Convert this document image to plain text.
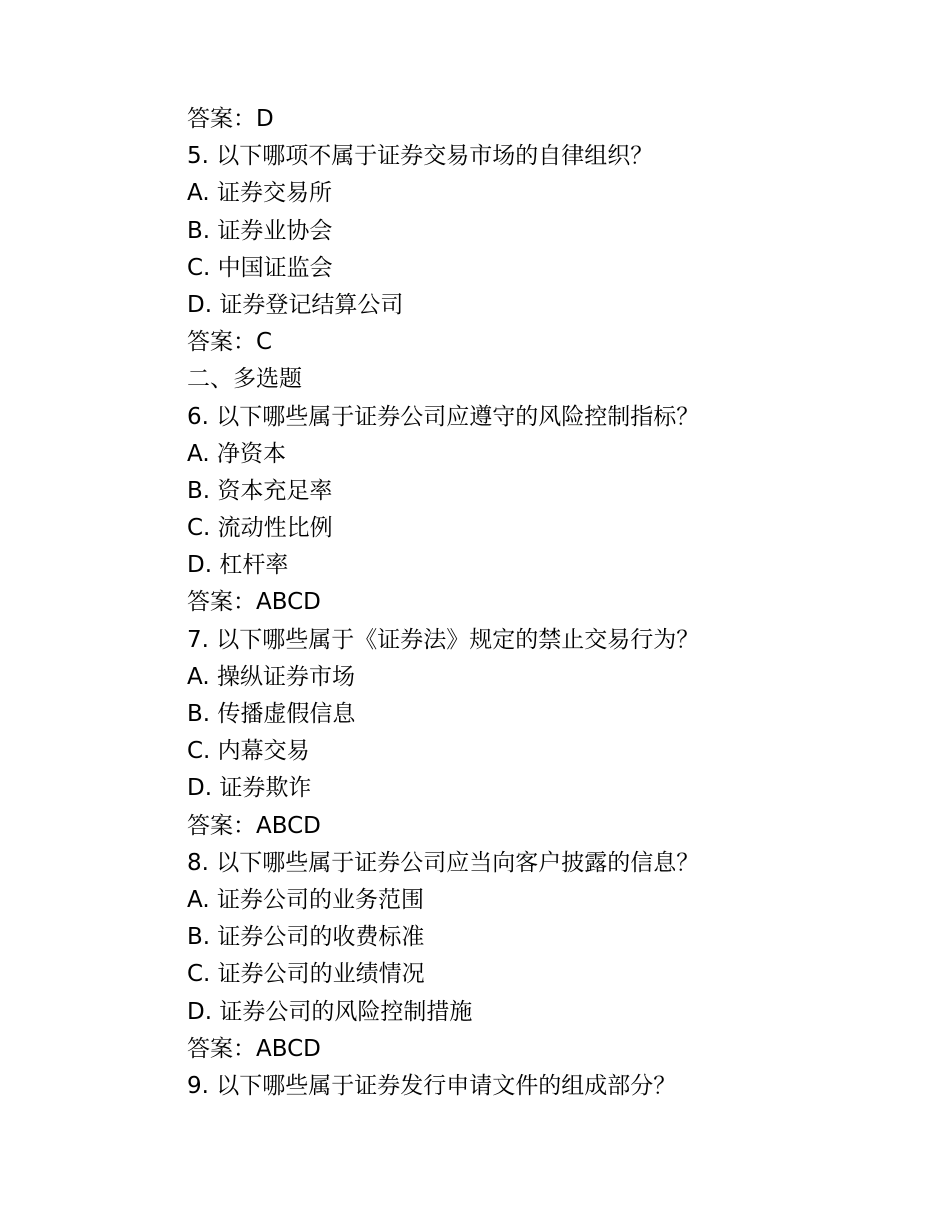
答案：D
5. 以下哪项不属于证券交易市场的自律组织？
A. 证券交易所
B. 证券业协会
C. 中国证监会
D. 证券登记结算公司
答案：C
二、多选题
6. 以下哪些属于证券公司应遵守的风险控制指标？
A. 净资本
B. 资本充足率
C. 流动性比例
D. 杠杆率
答案：ABCD
7. 以下哪些属于《证券法》规定的禁止交易行为？
A. 操纵证券市场
B. 传播虚假信息
C. 内幕交易
D. 证券欺诈
答案：ABCD
8. 以下哪些属于证券公司应当向客户披露的信息？
A. 证券公司的业务范围
B. 证券公司的收费标准
C. 证券公司的业绩情况
D. 证券公司的风险控制措施
答案：ABCD
9. 以下哪些属于证券发行申请文件的组成部分？
